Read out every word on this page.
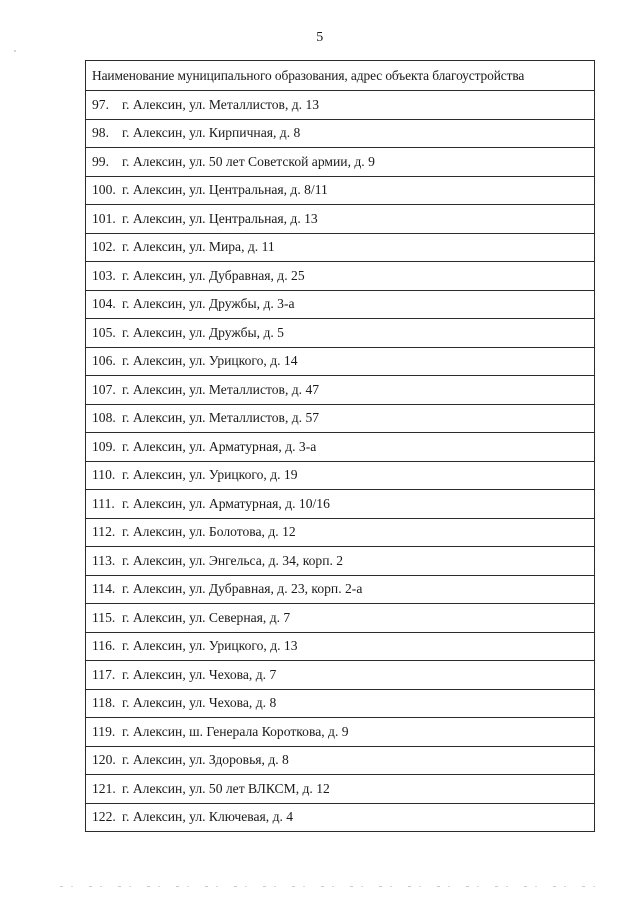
5
Наименование муниципального образования, адрес объекта благоустройства
97. г. Алексин, ул. Металлистов, д. 13
98. г. Алексин, ул. Кирпичная, д. 8
99. г. Алексин, ул. 50 лет Советской армии, д. 9
100. г. Алексин, ул. Центральная, д. 8/11
101. г. Алексин, ул. Центральная, д. 13
102. г. Алексин, ул. Мира, д. 11
103. г. Алексин, ул. Дубравная, д. 25
104. г. Алексин, ул. Дружбы, д. 3-а
105. г. Алексин, ул. Дружбы, д. 5
106. г. Алексин, ул. Урицкого, д. 14
107. г. Алексин, ул. Металлистов, д. 47
108. г. Алексин, ул. Металлистов, д. 57
109. г. Алексин, ул. Арматурная, д. 3-а
110. г. Алексин, ул. Урицкого, д. 19
111. г. Алексин, ул. Арматурная, д. 10/16
112. г. Алексин, ул. Болотова, д. 12
113. г. Алексин, ул. Энгельса, д. 34, корп. 2
114. г. Алексин, ул. Дубравная, д. 23, корп. 2-а
115. г. Алексин, ул. Северная, д. 7
116. г. Алексин, ул. Урицкого, д. 13
117. г. Алексин, ул. Чехова, д. 7
118. г. Алексин, ул. Чехова, д. 8
119. г. Алексин, ш. Генерала Короткова, д. 9
120. г. Алексин, ул. Здоровья, д. 8
121. г. Алексин, ул. 50 лет ВЛКСМ, д. 12
122. г. Алексин, ул. Ключевая, д. 4
